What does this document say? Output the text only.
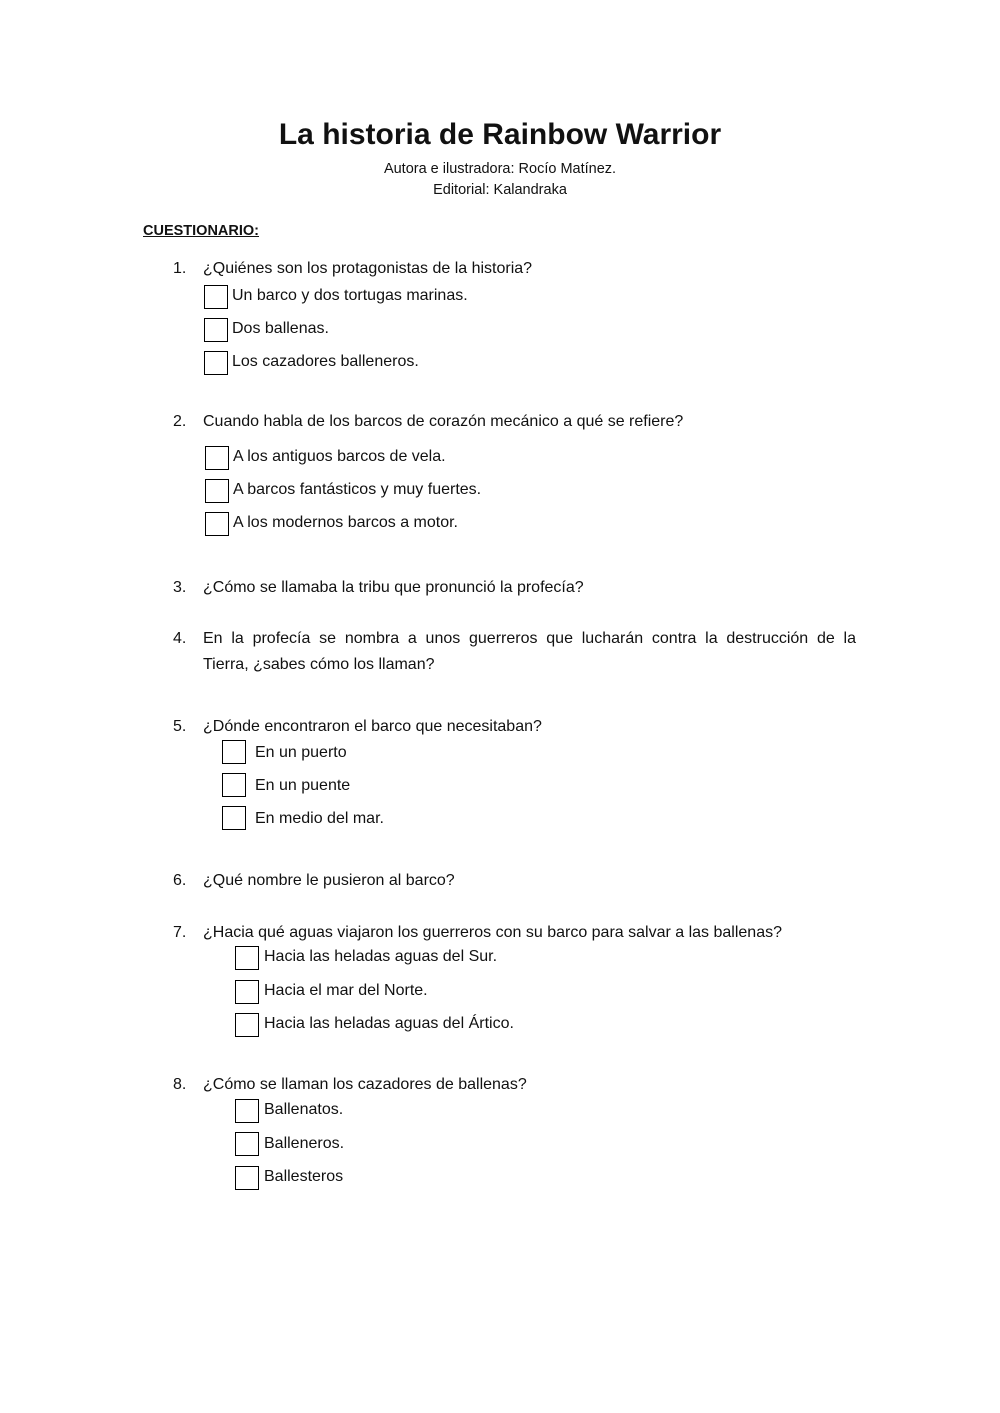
La historia de Rainbow Warrior
Autora e ilustradora: Rocío Matínez.
Editorial: Kalandraka
CUESTIONARIO:
1. ¿Quiénes son los protagonistas de la historia?
Un barco y dos tortugas marinas.
Dos ballenas.
Los cazadores balleneros.
2. Cuando habla de los barcos de corazón mecánico a qué se refiere?
A los antiguos barcos de vela.
A barcos fantásticos y muy fuertes.
A los modernos barcos a motor.
3. ¿Cómo se llamaba la tribu que pronunció la profecía?
4. En la profecía se nombra a unos guerreros que lucharán contra la destrucción de la
Tierra, ¿sabes cómo los llaman?
5. ¿Dónde encontraron el barco que necesitaban?
En un puerto
En un puente
En medio del mar.
6. ¿Qué nombre le pusieron al barco?
7. ¿Hacia qué aguas viajaron los guerreros con su barco para salvar a las ballenas?
Hacia las heladas aguas del Sur.
Hacia el mar del Norte.
Hacia las heladas aguas del Ártico.
8. ¿Cómo se llaman los cazadores de ballenas?
Ballenatos.
Balleneros.
Ballesteros
